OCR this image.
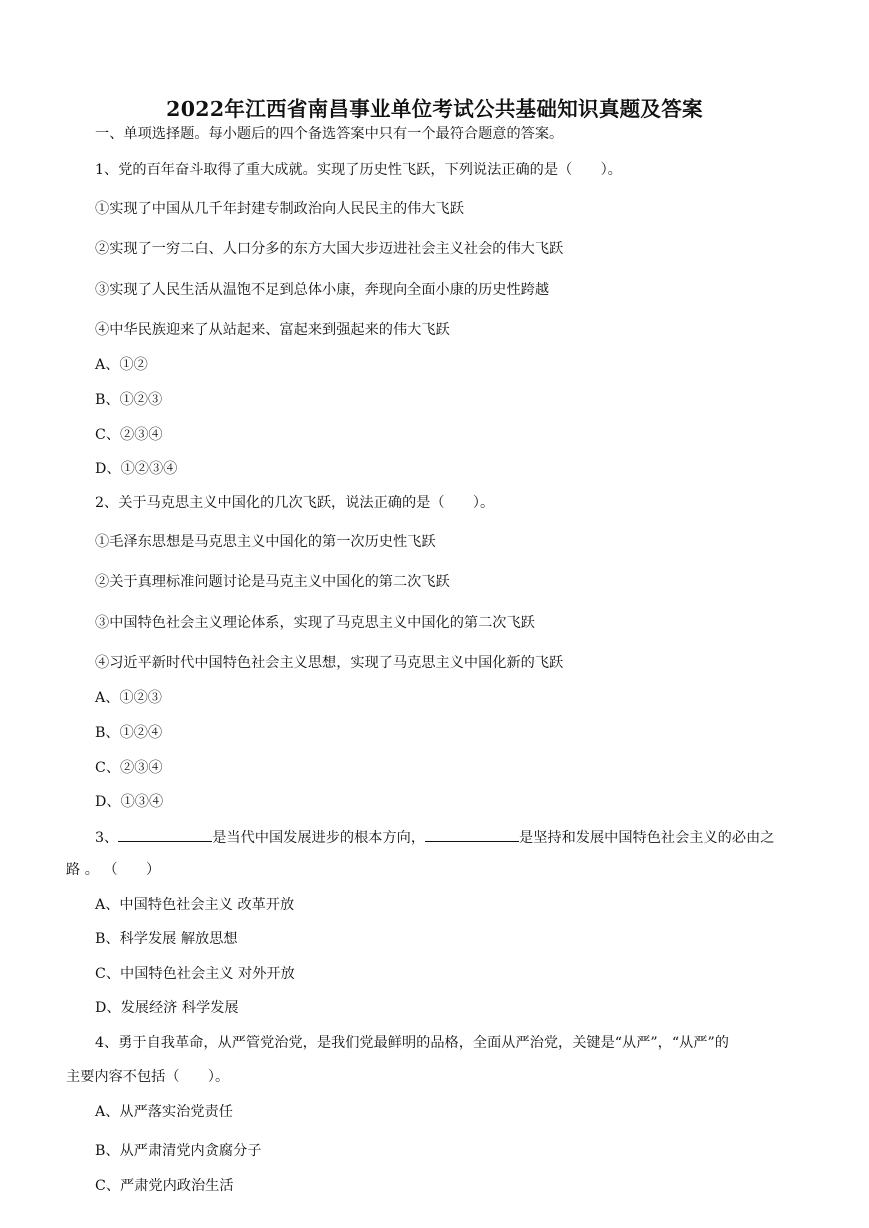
2022年江西省南昌事业单位考试公共基础知识真题及答案
一、单项选择题。每小题后的四个备选答案中只有一个最符合题意的答案。
1、党的百年奋斗取得了重大成就。实现了历史性飞跃，下列说法正确的是（　　）。
①实现了中国从几千年封建专制政治向人民民主的伟大飞跃
②实现了一穷二白、人口分多的东方大国大步迈进社会主义社会的伟大飞跃
③实现了人民生活从温饱不足到总体小康，奔现向全面小康的历史性跨越
④中华民族迎来了从站起来、富起来到强起来的伟大飞跃
A、①②
B、①②③
C、②③④
D、①②③④
2、关于马克思主义中国化的几次飞跃，说法正确的是（　　）。
①毛泽东思想是马克思主义中国化的第一次历史性飞跃
②关于真理标准问题讨论是马克主义中国化的第二次飞跃
③中国特色社会主义理论体系，实现了马克思主义中国化的第二次飞跃
④习近平新时代中国特色社会主义思想，实现了马克思主义中国化新的飞跃
A、①②③
B、①②④
C、②③④
D、①③④
3、	是当代中国发展进步的根本方向，	是坚持和发展中国特色社会主义的必由之
路 。 （　　）
A、中国特色社会主义 改革开放
B、科学发展 解放思想
C、中国特色社会主义 对外开放
D、发展经济 科学发展
4、勇于自我革命，从严管党治党，是我们党最鲜明的品格，全面从严治党，关键是“从严”，“从严”的
主要内容不包括（　　）。
A、从严落实治党责任
B、从严肃清党内贪腐分子
C、严肃党内政治生活
